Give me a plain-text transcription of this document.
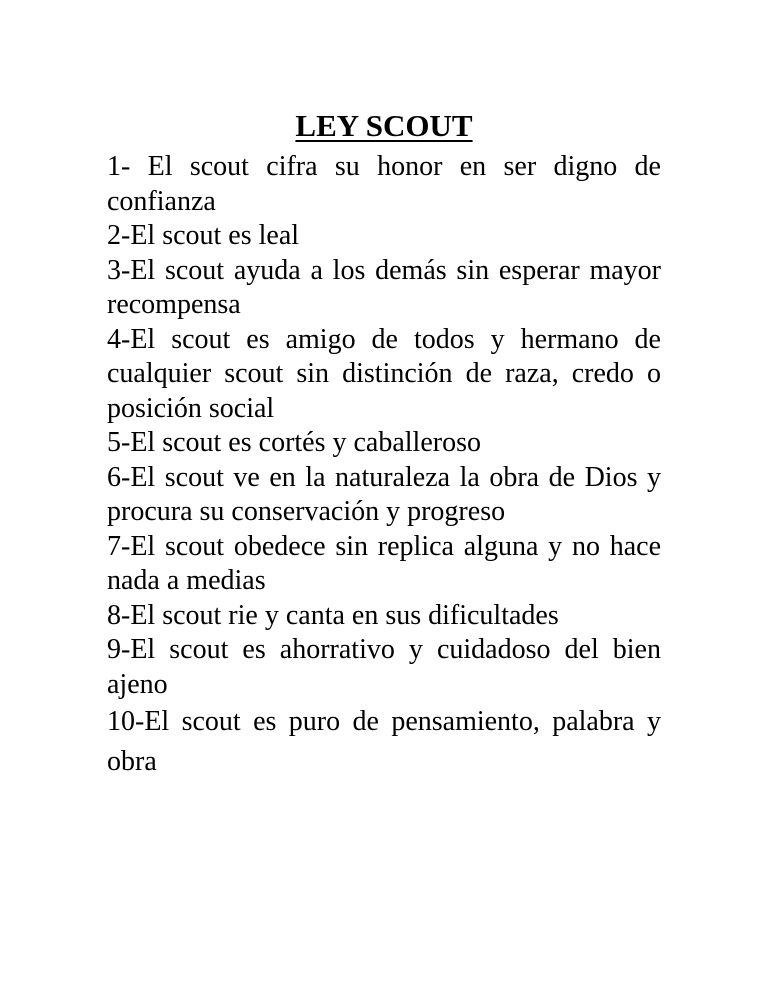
LEY SCOUT

1- El scout cifra su honor en ser digno de confianza

2-El scout es leal

3-El scout ayuda a los demás sin esperar mayor recompensa

4-El scout es amigo de todos y hermano de cualquier scout sin distinción de raza, credo o posición social

5-El scout es cortés y caballeroso

6-El scout ve en la naturaleza la obra de Dios y procura su conservación y progreso

7-El scout obedece sin replica alguna y no hace nada a medias

8-El scout rie y canta en sus dificultades

9-El scout es ahorrativo y cuidadoso del bien ajeno

10-El scout es puro de pensamiento, palabra y obra
